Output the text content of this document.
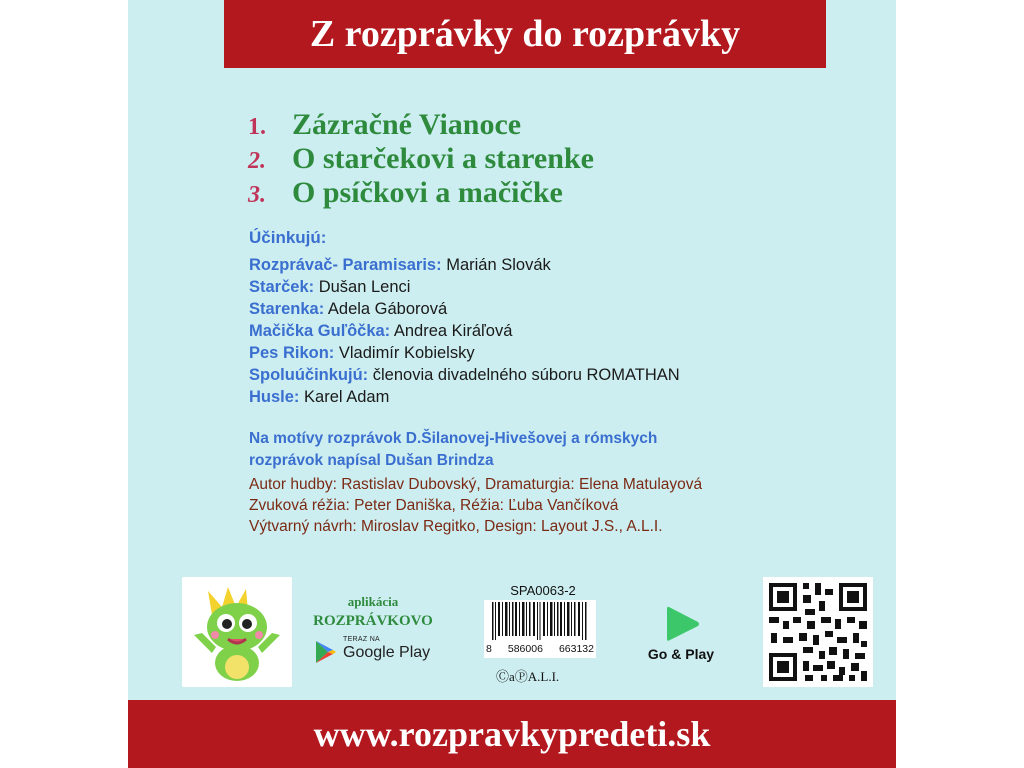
Z rozprávky do rozprávky
1. Zázračné Vianoce
2. O starčekovi a starenke
3. O psíčkovi a mačičke
Účinkujú:
Rozprávač- Paramisaris: Marián Slovák
Starček: Dušan Lenci
Starenka: Adela Gáborová
Mačička Guľôčka: Andrea Kiráľová
Pes Rikon: Vladimír Kobielsky
Spoluúčinkujú: členovia divadelného súboru ROMATHAN
Husle: Karel Adam
Na motívy rozprávok D.Šilanovej-Hivešovej a rómskych
rozprávok napísal Dušan Brindza
Autor hudby: Rastislav Dubovský, Dramaturgia: Elena Matulayová
Zvuková réžia: Peter Daniška, Réžia: Ľuba Vančíková
Výtvarný návrh: Miroslav Regitko, Design: Layout J.S., A.L.I.
aplikácia
ROZPRÁVKOVO
TERAZ NA
Google Play
SPA0063-2
8 586006 663132
ⒸaⓅA.L.I.
Go & Play
www.rozpravkypredeti.sk
